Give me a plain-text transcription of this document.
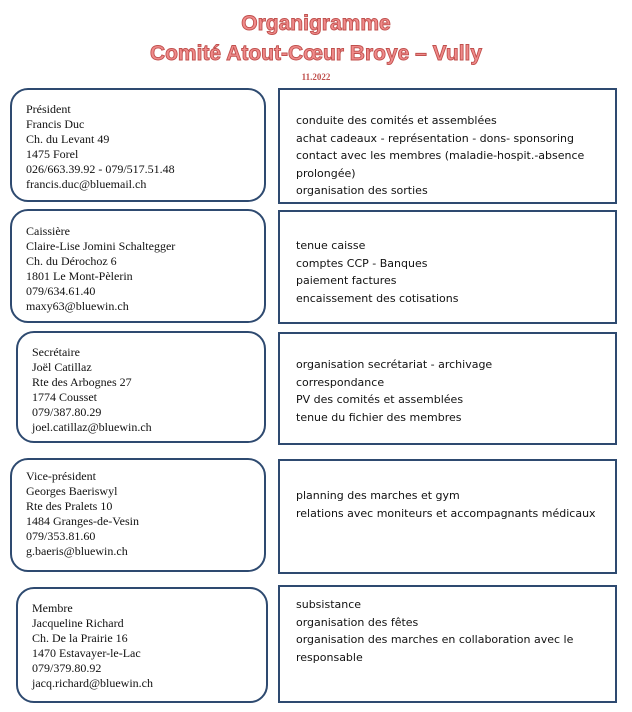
Organigramme
Comité Atout-Cœur Broye – Vully
11.2022
Président
Francis Duc
Ch. du Levant 49
1475 Forel
026/663.39.92 - 079/517.51.48
francis.duc@bluemail.ch
conduite des comités et assemblées
achat cadeaux - représentation - dons- sponsoring
contact avec les membres (maladie-hospit.-absence prolongée)
organisation des sorties
Caissière
Claire-Lise Jomini Schaltegger
Ch. du Dérochoz 6
1801 Le Mont-Pèlerin
079/634.61.40
maxy63@bluewin.ch
tenue caisse
comptes CCP - Banques
paiement factures
encaissement des cotisations
Secrétaire
Joël Catillaz
Rte des Arbognes 27
1774 Cousset
079/387.80.29
joel.catillaz@bluewin.ch
organisation secrétariat - archivage
correspondance
PV des comités et assemblées
tenue du fichier des membres
Vice-président
Georges Baeriswyl
Rte des Pralets 10
1484 Granges-de-Vesin
079/353.81.60
g.baeris@bluewin.ch
planning des marches et gym
relations avec moniteurs et accompagnants médicaux
Membre
Jacqueline Richard
Ch. De la Prairie 16
1470 Estavayer-le-Lac
079/379.80.92
jacq.richard@bluewin.ch
subsistance
organisation des fêtes
organisation des marches en collaboration avec le responsable
